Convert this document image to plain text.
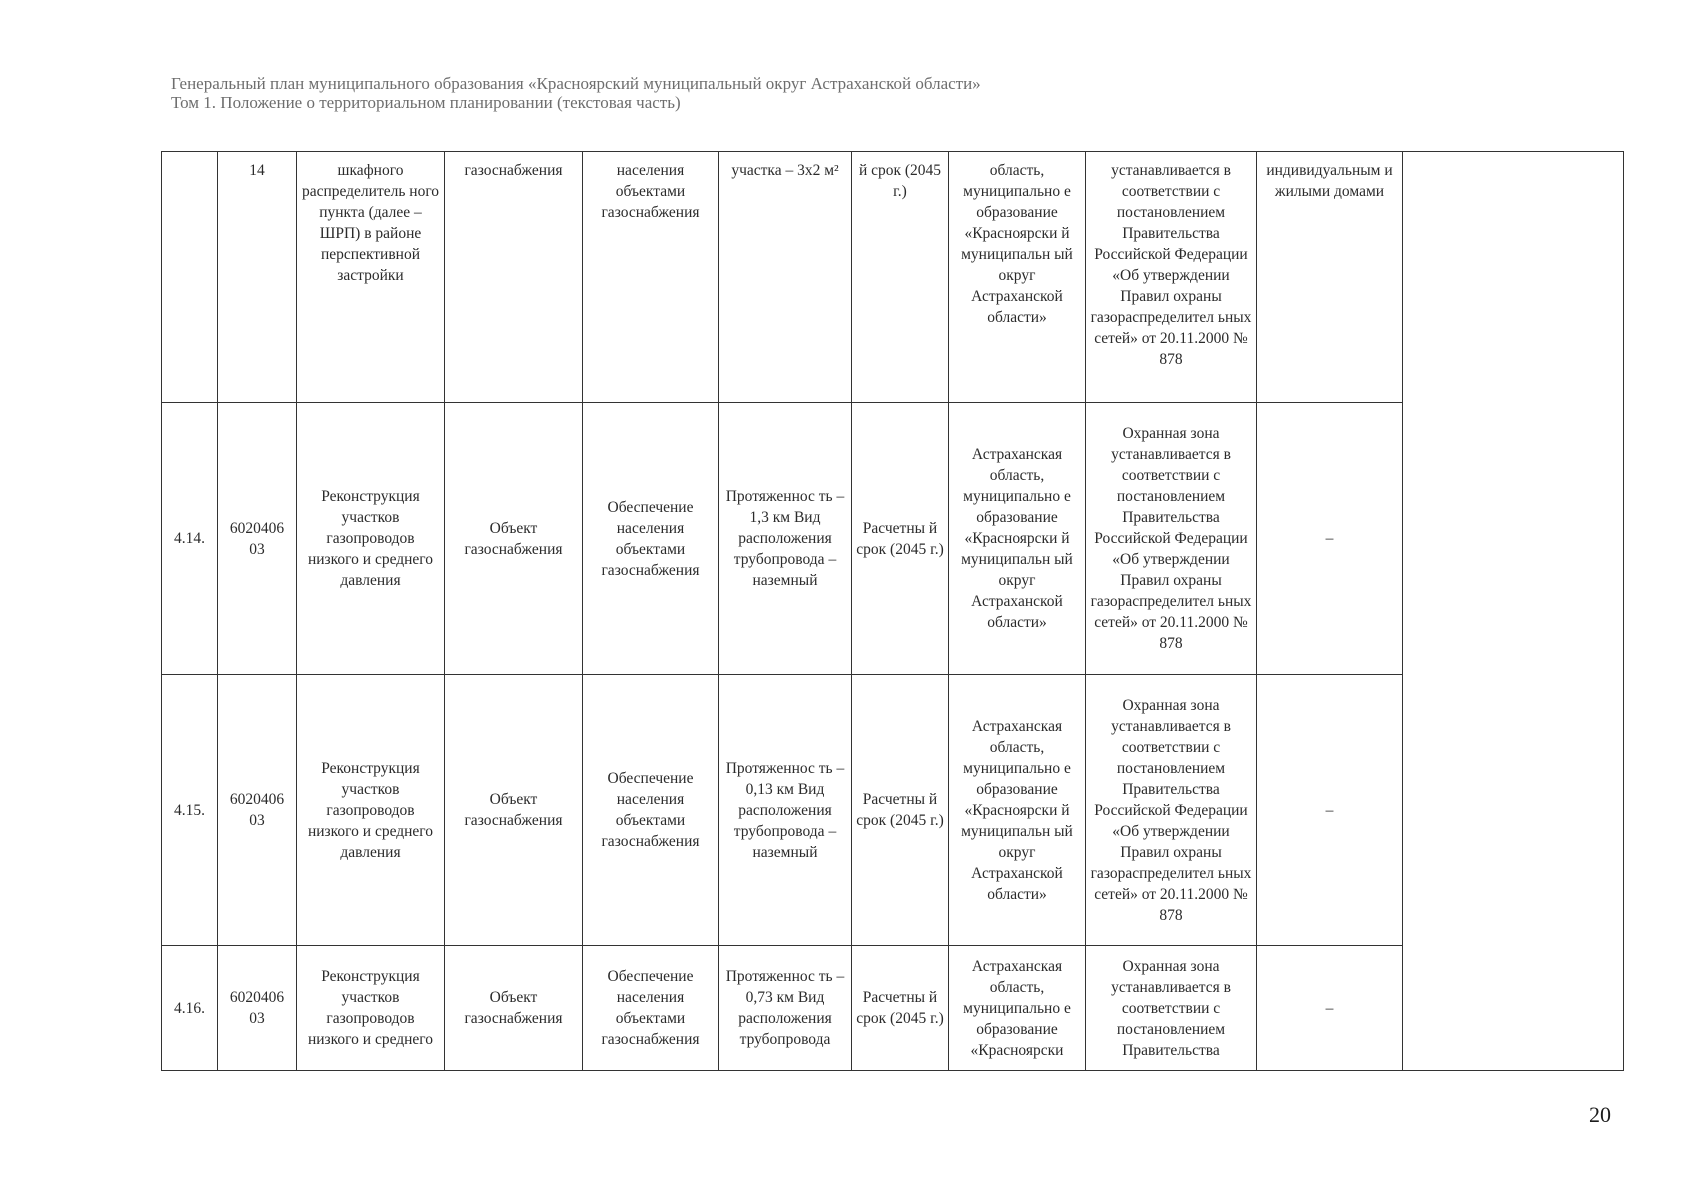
Генеральный план муниципального образования «Красноярский муниципальный округ Астраханской области»
Том 1. Положение о территориальном планировании (текстовая часть)
	14	шкафного распределитель ного пункта (далее – ШРП) в районе перспективной застройки	газоснабжения	населения объектами газоснабжения	участка – 3х2 м²	й срок (2045 г.)	область, муниципально е образование «Красноярски й муниципальн ый округ Астраханской области»	устанавливается в соответствии с постановлением Правительства Российской Федерации «Об утверждении Правил охраны газораспределител ьных сетей» от 20.11.2000 № 878	индивидуальным и жилыми домами	
4.14.	6020406 03	Реконструкция участков газопроводов низкого и среднего давления	Объект газоснабжения	Обеспечение населения объектами газоснабжения	Протяженнос ть – 1,3 км Вид расположения трубопровода – наземный	Расчетны й срок (2045 г.)	Астраханская область, муниципально е образование «Красноярски й муниципальн ый округ Астраханской области»	Охранная зона устанавливается в соответствии с постановлением Правительства Российской Федерации «Об утверждении Правил охраны газораспределител ьных сетей» от 20.11.2000 № 878	–	
4.15.	6020406 03	Реконструкция участков газопроводов низкого и среднего давления	Объект газоснабжения	Обеспечение населения объектами газоснабжения	Протяженнос ть – 0,13 км Вид расположения трубопровода – наземный	Расчетны й срок (2045 г.)	Астраханская область, муниципально е образование «Красноярски й муниципальн ый округ Астраханской области»	Охранная зона устанавливается в соответствии с постановлением Правительства Российской Федерации «Об утверждении Правил охраны газораспределител ьных сетей» от 20.11.2000 № 878	–	
4.16.	6020406 03	Реконструкция участков газопроводов низкого и среднего	Объект газоснабжения	Обеспечение населения объектами газоснабжения	Протяженнос ть – 0,73 км Вид расположения трубопровода	Расчетны й срок (2045 г.)	Астраханская область, муниципально е образование «Красноярски	Охранная зона устанавливается в соответствии с постановлением Правительства	–	
20
